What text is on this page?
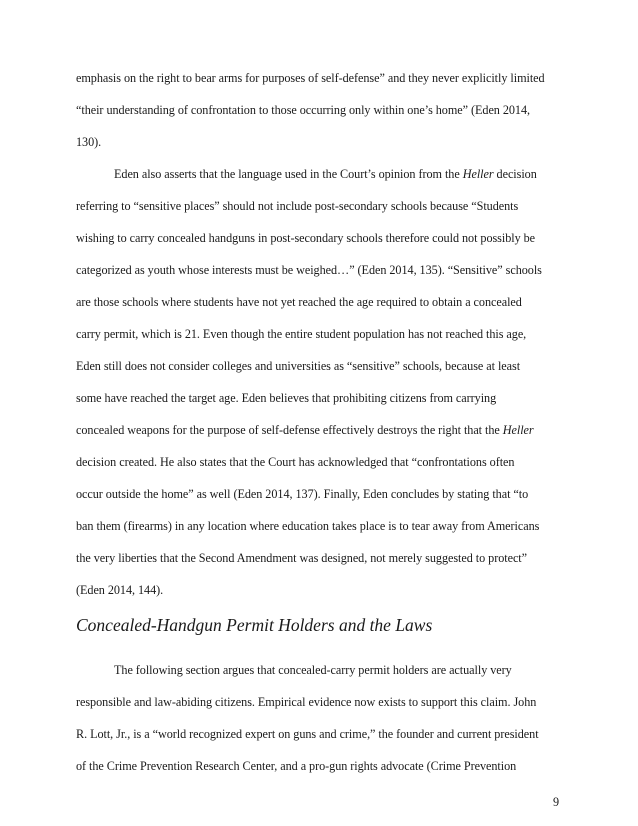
emphasis on the right to bear arms for purposes of self-defense” and they never explicitly limited
“their understanding of confrontation to those occurring only within one’s home” (Eden 2014,
130).
Eden also asserts that the language used in the Court’s opinion from the Heller decision
referring to “sensitive places” should not include post-secondary schools because “Students
wishing to carry concealed handguns in post-secondary schools therefore could not possibly be
categorized as youth whose interests must be weighed…” (Eden 2014, 135). “Sensitive” schools
are those schools where students have not yet reached the age required to obtain a concealed
carry permit, which is 21. Even though the entire student population has not reached this age,
Eden still does not consider colleges and universities as “sensitive” schools, because at least
some have reached the target age. Eden believes that prohibiting citizens from carrying
concealed weapons for the purpose of self-defense effectively destroys the right that the Heller
decision created. He also states that the Court has acknowledged that “confrontations often
occur outside the home” as well (Eden 2014, 137). Finally, Eden concludes by stating that “to
ban them (firearms) in any location where education takes place is to tear away from Americans
the very liberties that the Second Amendment was designed, not merely suggested to protect”
(Eden 2014, 144).
Concealed-Handgun Permit Holders and the Laws
The following section argues that concealed-carry permit holders are actually very
responsible and law-abiding citizens. Empirical evidence now exists to support this claim. John
R. Lott, Jr., is a “world recognized expert on guns and crime,” the founder and current president
of the Crime Prevention Research Center, and a pro-gun rights advocate (Crime Prevention
9
